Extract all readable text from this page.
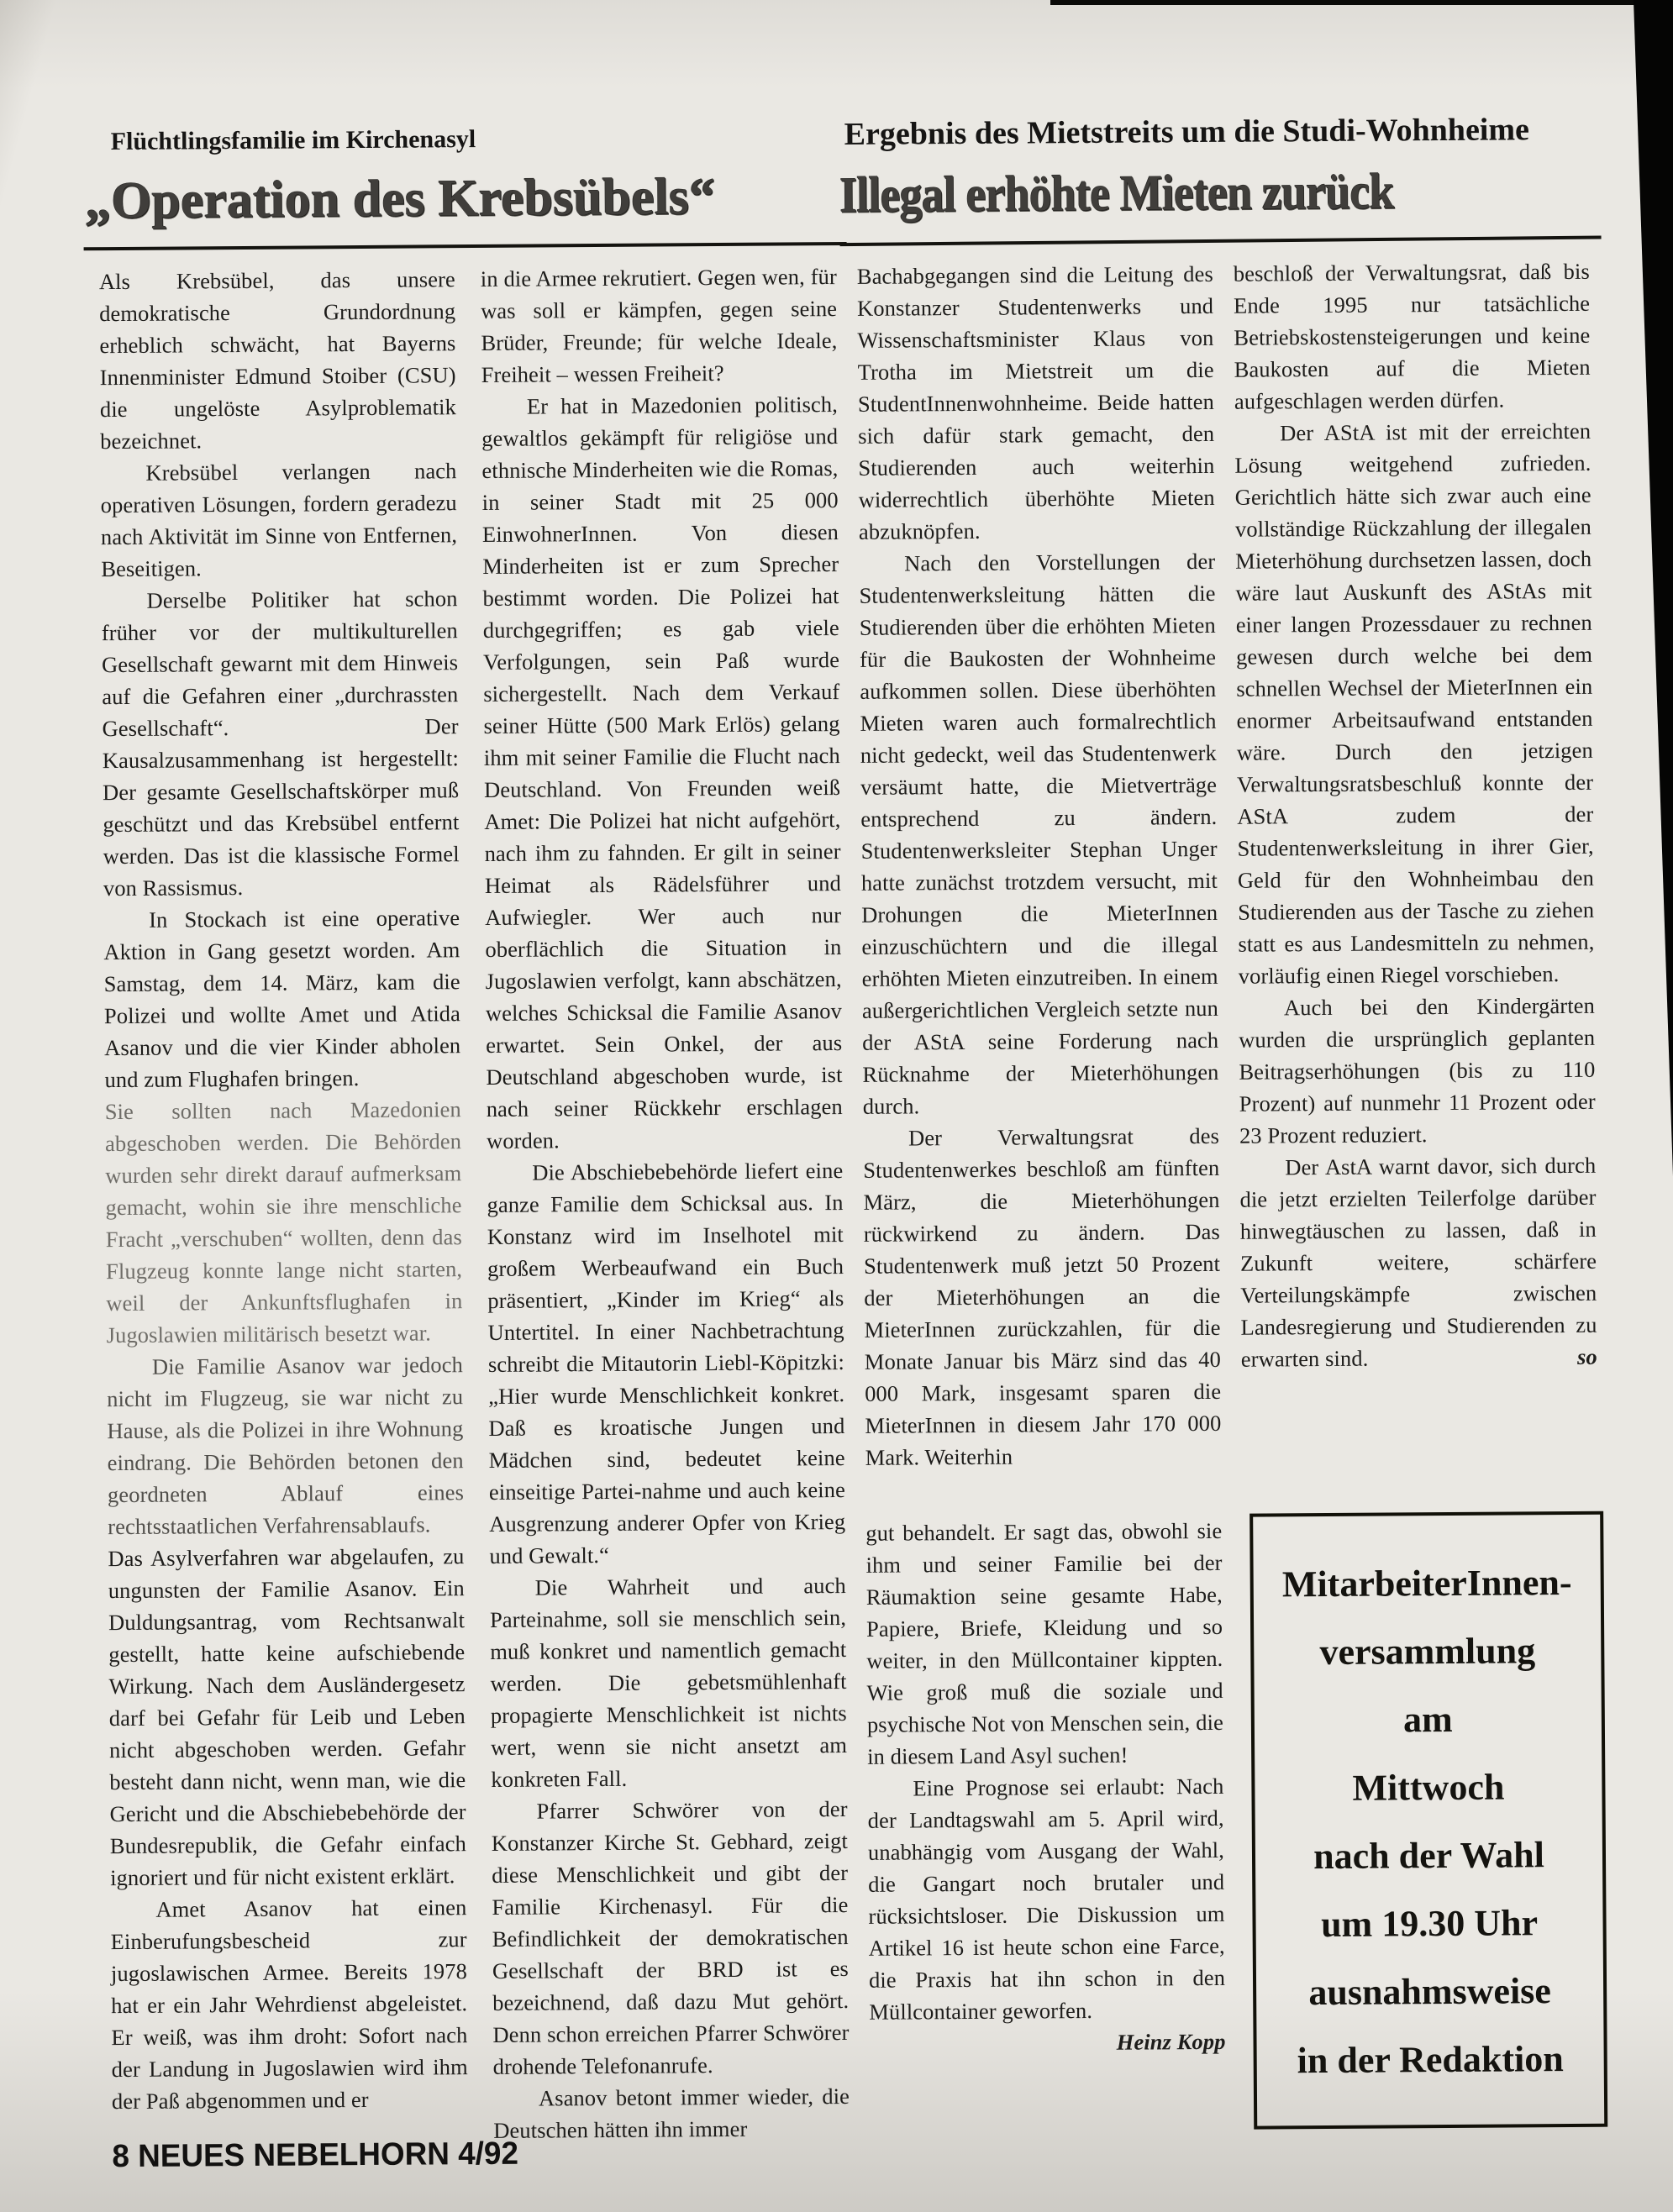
Flüchtlingsfamilie im Kirchenasyl
„Operation des Krebsübels“
Ergebnis des Mietstreits um die Studi-Wohnheime
Illegal erhöhte Mieten zurück

Als Krebsübel, das unsere demokratische Grundordnung erheblich schwächt, hat Bayerns Innenminister Edmund Stoiber (CSU) die ungelöste Asylproblematik bezeichnet.

Krebsübel verlangen nach operativen Lösungen, fordern geradezu nach Aktivität im Sinne von Entfernen, Beseitigen.

Derselbe Politiker hat schon früher vor der multikulturellen Gesellschaft gewarnt mit dem Hinweis auf die Gefahren einer „durchrassten Gesellschaft“. Der Kausalzusammenhang ist hergestellt: Der gesamte Gesellschaftskörper muß geschützt und das Krebsübel entfernt werden. Das ist die klassische Formel von Rassismus.

In Stockach ist eine operative Aktion in Gang gesetzt worden. Am Samstag, dem 14. März, kam die Polizei und wollte Amet und Atida Asanov und die vier Kinder abholen und zum Flughafen bringen.

Sie sollten nach Mazedonien abgeschoben werden. Die Behörden wurden sehr direkt darauf aufmerksam gemacht, wohin sie ihre menschliche Fracht „verschuben“ wollten, denn das Flugzeug konnte lange nicht starten, weil der Ankunftsflughafen in Jugoslawien militärisch besetzt war.

Die Familie Asanov war jedoch nicht im Flugzeug, sie war nicht zu Hause, als die Polizei in ihre Wohnung eindrang. Die Behörden betonen den geordneten Ablauf eines rechtsstaatlichen Verfahrensablaufs.

Das Asylverfahren war abgelaufen, zu ungunsten der Familie Asanov. Ein Duldungsantrag, vom Rechtsanwalt gestellt, hatte keine aufschiebende Wirkung. Nach dem Ausländergesetz darf bei Gefahr für Leib und Leben nicht abgeschoben werden. Gefahr besteht dann nicht, wenn man, wie die Gericht und die Abschiebebehörde der Bundesrepublik, die Gefahr einfach ignoriert und für nicht existent erklärt.

Amet Asanov hat einen Einberufungsbescheid zur jugoslawischen Armee. Bereits 1978 hat er ein Jahr Wehrdienst abgeleistet. Er weiß, was ihm droht: Sofort nach der Landung in Jugoslawien wird ihm der Paß abgenommen und er

in die Armee rekrutiert. Gegen wen, für was soll er kämpfen, gegen seine Brüder, Freunde; für welche Ideale, Freiheit – wessen Freiheit?

Er hat in Mazedonien politisch, gewaltlos gekämpft für religiöse und ethnische Minderheiten wie die Romas, in seiner Stadt mit 25 000 EinwohnerInnen. Von diesen Minderheiten ist er zum Sprecher bestimmt worden. Die Polizei hat durchgegriffen; es gab viele Verfolgungen, sein Paß wurde sichergestellt. Nach dem Verkauf seiner Hütte (500 Mark Erlös) gelang ihm mit seiner Familie die Flucht nach Deutschland. Von Freunden weiß Amet: Die Polizei hat nicht aufgehört, nach ihm zu fahnden. Er gilt in seiner Heimat als Rädelsführer und Aufwiegler. Wer auch nur oberflächlich die Situation in Jugoslawien verfolgt, kann abschätzen, welches Schicksal die Familie Asanov erwartet. Sein Onkel, der aus Deutschland abgeschoben wurde, ist nach seiner Rückkehr erschlagen worden.

Die Abschiebebehörde liefert eine ganze Familie dem Schicksal aus. In Konstanz wird im Inselhotel mit großem Werbeaufwand ein Buch präsentiert, „Kinder im Krieg“ als Untertitel. In einer Nachbetrachtung schreibt die Mitautorin Liebl-Köpitzki: „Hier wurde Menschlichkeit konkret. Daß es kroatische Jungen und Mädchen sind, bedeutet keine einseitige Partei-nahme und auch keine Ausgrenzung anderer Opfer von Krieg und Gewalt.“

Die Wahrheit und auch Parteinahme, soll sie menschlich sein, muß konkret und namentlich gemacht werden. Die gebetsmühlenhaft propagierte Menschlichkeit ist nichts wert, wenn sie nicht ansetzt am konkreten Fall.

Pfarrer Schwörer von der Konstanzer Kirche St. Gebhard, zeigt diese Menschlichkeit und gibt der Familie Kirchenasyl. Für die Befindlichkeit der demokratischen Gesellschaft der BRD ist es bezeichnend, daß dazu Mut gehört. Denn schon erreichen Pfarrer Schwörer drohende Telefonanrufe.

Asanov betont immer wieder, die Deutschen hätten ihn immer

Bachabgegangen sind die Leitung des Konstanzer Studentenwerks und Wissenschaftsminister Klaus von Trotha im Mietstreit um die StudentInnenwohnheime. Beide hatten sich dafür stark gemacht, den Studierenden auch weiterhin widerrechtlich überhöhte Mieten abzuknöpfen.

Nach den Vorstellungen der Studentenwerksleitung hätten die Studierenden über die erhöhten Mieten für die Baukosten der Wohnheime aufkommen sollen. Diese überhöhten Mieten waren auch formalrechtlich nicht gedeckt, weil das Studentenwerk versäumt hatte, die Mietverträge entsprechend zu ändern. Studentenwerksleiter Stephan Unger hatte zunächst trotzdem versucht, mit Drohungen die MieterInnen einzuschüchtern und die illegal erhöhten Mieten einzutreiben. In einem außergerichtlichen Vergleich setzte nun der AStA seine Forderung nach Rücknahme der Mieterhöhungen durch.

Der Verwaltungsrat des Studentenwerkes beschloß am fünften März, die Mieterhöhungen rückwirkend zu ändern. Das Studentenwerk muß jetzt 50 Prozent der Mieterhöhungen an die MieterInnen zurückzahlen, für die Monate Januar bis März sind das 40 000 Mark, insgesamt sparen die MieterInnen in diesem Jahr 170 000 Mark. Weiterhin

gut behandelt. Er sagt das, obwohl sie ihm und seiner Familie bei der Räumaktion seine gesamte Habe, Papiere, Briefe, Kleidung und so weiter, in den Müllcontainer kippten. Wie groß muß die soziale und psychische Not von Menschen sein, die in diesem Land Asyl suchen!

Eine Prognose sei erlaubt: Nach der Landtagswahl am 5. April wird, unabhängig vom Ausgang der Wahl, die Gangart noch brutaler und rücksichtsloser. Die Diskussion um Artikel 16 ist heute schon eine Farce, die Praxis hat ihn schon in den Müllcontainer geworfen.
Heinz Kopp

beschloß der Verwaltungsrat, daß bis Ende 1995 nur tatsächliche Betriebskostensteigerungen und keine Baukosten auf die Mieten aufgeschlagen werden dürfen.

Der AStA ist mit der erreichten Lösung weitgehend zufrieden. Gerichtlich hätte sich zwar auch eine vollständige Rückzahlung der illegalen Mieterhöhung durchsetzen lassen, doch wäre laut Auskunft des AStAs mit einer langen Prozessdauer zu rechnen gewesen durch welche bei dem schnellen Wechsel der MieterInnen ein enormer Arbeitsaufwand entstanden wäre. Durch den jetzigen Verwaltungsratsbeschluß konnte der AStA zudem der Studentenwerksleitung in ihrer Gier, Geld für den Wohnheimbau den Studierenden aus der Tasche zu ziehen statt es aus Landesmitteln zu nehmen, vorläufig einen Riegel vorschieben.

Auch bei den Kindergärten wurden die ursprünglich geplanten Beitragserhöhungen (bis zu 110 Prozent) auf nunmehr 11 Prozent oder 23 Prozent reduziert.

Der AstA warnt davor, sich durch die jetzt erzielten Teilerfolge darüber hinwegtäuschen zu lassen, daß in Zukunft weitere, schärfere Verteilungskämpfe zwischen Landesregierung und Studierenden zu erwarten sind.	so

MitarbeiterInnen-
versammlung
am
Mittwoch
nach der Wahl
um 19.30 Uhr
ausnahmsweise
in der Redaktion
8 NEUES NEBELHORN 4/92
